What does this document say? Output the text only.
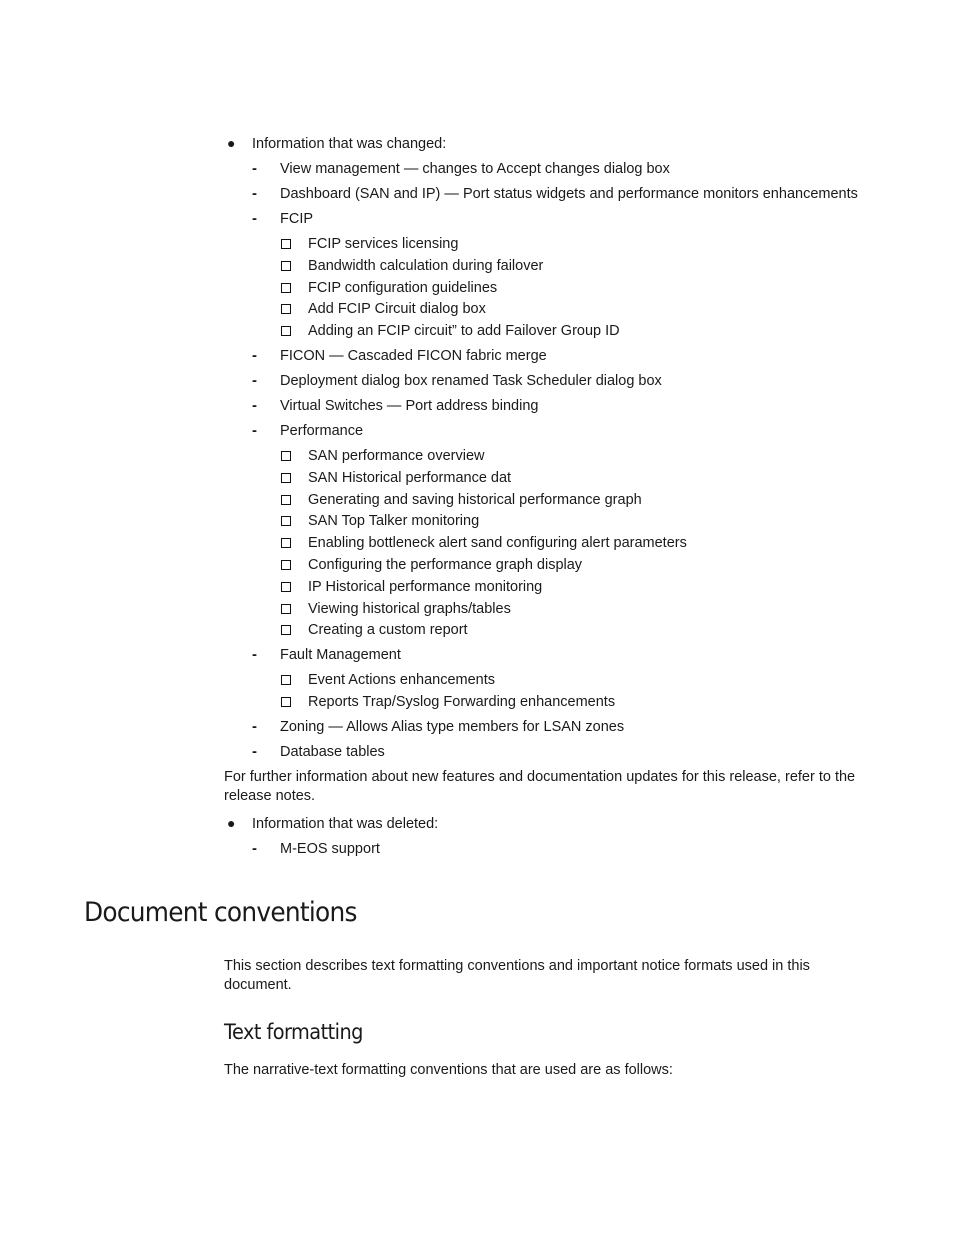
● Information that was changed:
- View management — changes to Accept changes dialog box
- Dashboard (SAN and IP) — Port status widgets and performance monitors enhancements
- FCIP
FCIP services licensing
Bandwidth calculation during failover
FCIP configuration guidelines
Add FCIP Circuit dialog box
Adding an FCIP circuit” to add Failover Group ID
- FICON — Cascaded FICON fabric merge
- Deployment dialog box renamed Task Scheduler dialog box
- Virtual Switches — Port address binding
- Performance
SAN performance overview
SAN Historical performance dat
Generating and saving historical performance graph
SAN Top Talker monitoring
Enabling bottleneck alert sand configuring alert parameters
Configuring the performance graph display
IP Historical performance monitoring
Viewing historical graphs/tables
Creating a custom report
- Fault Management
Event Actions enhancements
Reports Trap/Syslog Forwarding enhancements
- Zoning — Allows Alias type members for LSAN zones
- Database tables

For further information about new features and documentation updates for this release, refer to the release notes.

● Information that was deleted:
- M-EOS support
Document conventions

This section describes text formatting conventions and important notice formats used in this document.

Text formatting

The narrative-text formatting conventions that are used are as follows:
